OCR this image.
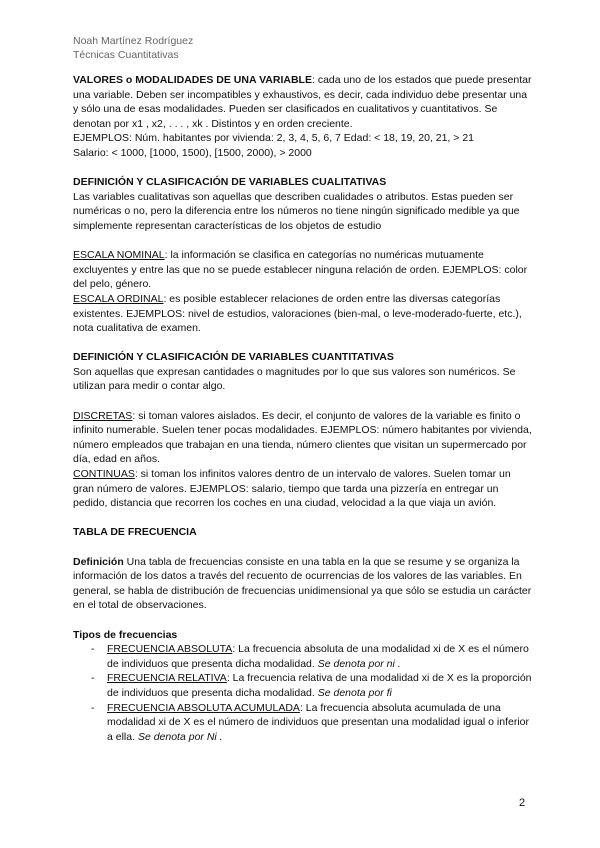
Noah Martínez Rodríguez
Técnicas Cuantitativas

VALORES o MODALIDADES DE UNA VARIABLE: cada uno de los estados que puede presentar una variable. Deben ser incompatibles y exhaustivos, es decir, cada individuo debe presentar una y sólo una de esas modalidades. Pueden ser clasificados en cualitativos y cuantitativos. Se denotan por x1 , x2, . . . , xk . Distintos y en orden creciente.

EJEMPLOS: Núm. habitantes por vivienda: 2, 3, 4, 5, 6, 7 Edad: < 18, 19, 20, 21, > 21

Salario: < 1000, [1000, 1500), [1500, 2000), > 2000

DEFINICIÓN Y CLASIFICACIÓN DE VARIABLES CUALITATIVAS

Las variables cualitativas son aquellas que describen cualidades o atributos. Estas pueden ser numéricas o no, pero la diferencia entre los números no tiene ningún significado medible ya que simplemente representan características de los objetos de estudio

ESCALA NOMINAL: la información se clasifica en categorías no numéricas mutuamente excluyentes y entre las que no se puede establecer ninguna relación de orden. EJEMPLOS: color del pelo, género.

ESCALA ORDINAL: es posible establecer relaciones de orden entre las diversas categorías existentes. EJEMPLOS: nivel de estudios, valoraciones (bien-mal, o leve-moderado-fuerte, etc.), nota cualitativa de examen.

DEFINICIÓN Y CLASIFICACIÓN DE VARIABLES CUANTITATIVAS

Son aquellas que expresan cantidades o magnitudes por lo que sus valores son numéricos. Se utilizan para medir o contar algo.

DISCRETAS: si toman valores aislados. Es decir, el conjunto de valores de la variable es finito o infinito numerable. Suelen tener pocas modalidades. EJEMPLOS: número habitantes por vivienda, número empleados que trabajan en una tienda, número clientes que visitan un supermercado por día, edad en años.

CONTINUAS: si toman los infinitos valores dentro de un intervalo de valores. Suelen tomar un gran número de valores. EJEMPLOS: salario, tiempo que tarda una pizzería en entregar un pedido, distancia que recorren los coches en una ciudad, velocidad a la que viaja un avión.

TABLA DE FRECUENCIA

Definición Una tabla de frecuencias consiste en una tabla en la que se resume y se organiza la información de los datos a través del recuento de ocurrencias de los valores de las variables. En general, se habla de distribución de frecuencias unidimensional ya que sólo se estudia un carácter en el total de observaciones.

Tipos de frecuencias

- FRECUENCIA ABSOLUTA: La frecuencia absoluta de una modalidad xi de X es el número de individuos que presenta dicha modalidad. Se denota por ni .
- FRECUENCIA RELATIVA: La frecuencia relativa de una modalidad xi de X es la proporción de individuos que presenta dicha modalidad. Se denota por fi
- FRECUENCIA ABSOLUTA ACUMULADA: La frecuencia absoluta acumulada de una modalidad xi de X es el número de individuos que presentan una modalidad igual o inferior a ella. Se denota por Ni .
2
